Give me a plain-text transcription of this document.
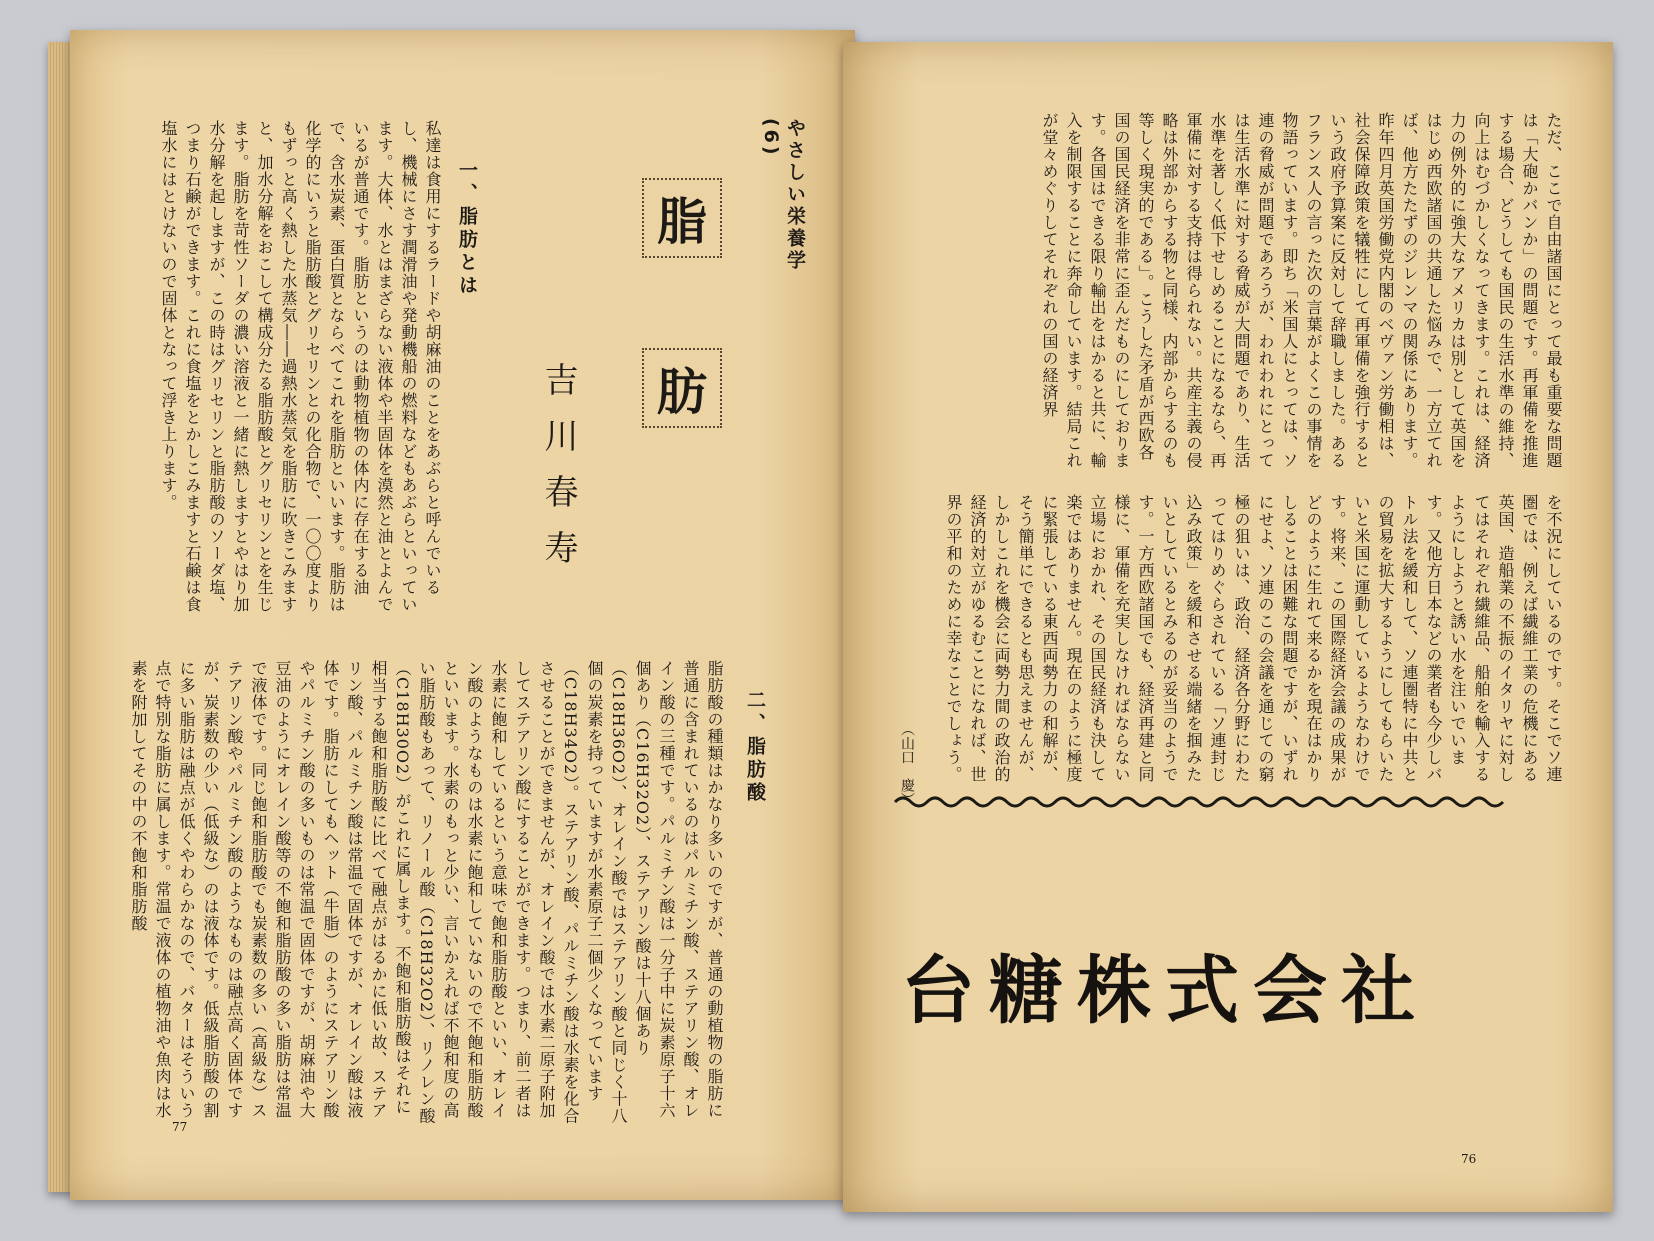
やさしい栄養学　(6)
脂
肪
吉川春寿
一、脂肪とは
私達は食用にするラードや胡麻油のことをあぶらと呼んでいるし、機械にさす潤滑油や発動機船の燃料などもあぶらといっています。大体、水とはまざらない液体や半固体を漠然と油とよんでいるが普通です。脂肪というのは動物植物の体内に存在する油で、含水炭素、蛋白質とならべてこれを脂肪といいます。脂肪は化学的にいうと脂肪酸とグリセリンとの化合物で、一〇〇度よりもずっと高く熱した水蒸気――過熱水蒸気を脂肪に吹きこみますと、加水分解をおこして構成分たる脂肪酸とグリセリンとを生じます。脂肪を苛性ソーダの濃い溶液と一緒に熱しますとやはり加水分解を起しますが、この時はグリセリンと脂肪酸のソーダ塩、つまり石鹸ができます。これに食塩をとかしこみますと石鹸は食塩水にはとけないので固体となって浮き上ります。
二、脂肪酸
脂肪酸の種類はかなり多いのですが、普通の動植物の脂肪に普通に含まれているのはパルミチン酸、ステアリン酸、オレイン酸の三種です。パルミチン酸は一分子中に炭素原子十六個あり（C16H32O2）、ステアリン酸は十八個あり（C18H36O2）、オレイン酸ではステアリン酸と同じく十八個の炭素を持っていますが水素原子二個少くなっています（C18H34O2）。ステアリン酸、パルミチン酸は水素を化合させることができませんが、オレイン酸では水素二原子附加してステアリン酸にすることができます。つまり、前二者は水素に飽和しているという意味で飽和脂肪酸といい、オレイン酸のようなものは水素に飽和していないので不飽和脂肪酸といいます。水素のもっと少い、言いかえれば不飽和度の高い脂肪酸もあって、リノール酸（C18H32O2）、リノレン酸（C18H30O2）がこれに属します。不飽和脂肪酸はそれに相当する飽和脂肪酸に比べて融点がはるかに低い故、ステアリン酸、パルミチン酸は常温で固体ですが、オレイン酸は液体です。脂肪にしてもヘット（牛脂）のようにステアリン酸やパルミチン酸の多いものは常温で固体ですが、胡麻油や大豆油のようにオレイン酸等の不飽和脂肪酸の多い脂肪は常温で液体です。同じ飽和脂肪酸でも炭素数の多い（高級な）ステアリン酸やパルミチン酸のようなものは融点高く固体ですが、炭素数の少い（低級な）のは液体です。低級脂肪酸の割に多い脂肪は融点が低くやわらかなので、バターはそういう点で特別な脂肪に属します。常温で液体の植物油や魚肉は水素を附加してその中の不飽和脂肪酸
77
ただ、ここで自由諸国にとって最も重要な問題は「大砲かバンか」の問題です。再軍備を推進する場合、どうしても国民の生活水準の維持、向上はむづかしくなってきます。これは、経済力の例外的に強大なアメリカは別として英国をはじめ西欧諸国の共通した悩みで、一方立てれば、他方たたずのジレンマの関係にあります。昨年四月英国労働党内閣のベヴァン労働相は、社会保障政策を犠牲にして再軍備を強行するという政府予算案に反対して辞職しました。あるフランス人の言った次の言葉がよくこの事情を物語っています。即ち「米国人にとっては、ソ連の脅威が問題であろうが、われわれにとっては生活水準に対する脅威が大問題であり、生活水準を著しく低下せしめることになるなら、再軍備に対する支持は得られない。共産主義の侵略は外部からする物と同様、内部からするのも等しく現実的である」。こうした矛盾が西欧各国の国民経済を非常に歪んだものにしております。各国はできる限り輸出をはかると共に、輸入を制限することに奔命しています。結局これが堂々めぐりしてそれぞれの国の経済界
を不況にしているのです。そこでソ連圏では、例えば繊維工業の危機にある英国、造船業の不振のイタリヤに対してはそれぞれ繊維品、船舶を輸入するようにしようと誘い水を注いでいます。又他方日本などの業者も今少しバトル法を緩和して、ソ連圏特に中共との貿易を拡大するようにしてもらいたいと米国に運動しているようなわけです。将来、この国際経済会議の成果がどのように生れて来るかを現在はかりしることは困難な問題ですが、いずれにせよ、ソ連のこの会議を通じての窮極の狙いは、政治、経済各分野にわたってはりめぐらされている「ソ連封じ込み政策」を緩和させる端緒を掴みたいとしているとみるのが妥当のようです。一方西欧諸国でも、経済再建と同様に、軍備を充実しなければならない立場におかれ、その国民経済も決して楽ではありません。現在のように極度に緊張している東西両勢力の和解が、そう簡単にできるとも思えませんが、しかしこれを機会に両勢力間の政治的経済的対立がゆるむことになれば、世界の平和のために幸なことでしょう。
（山口　慶）
76
台糖株式会社
